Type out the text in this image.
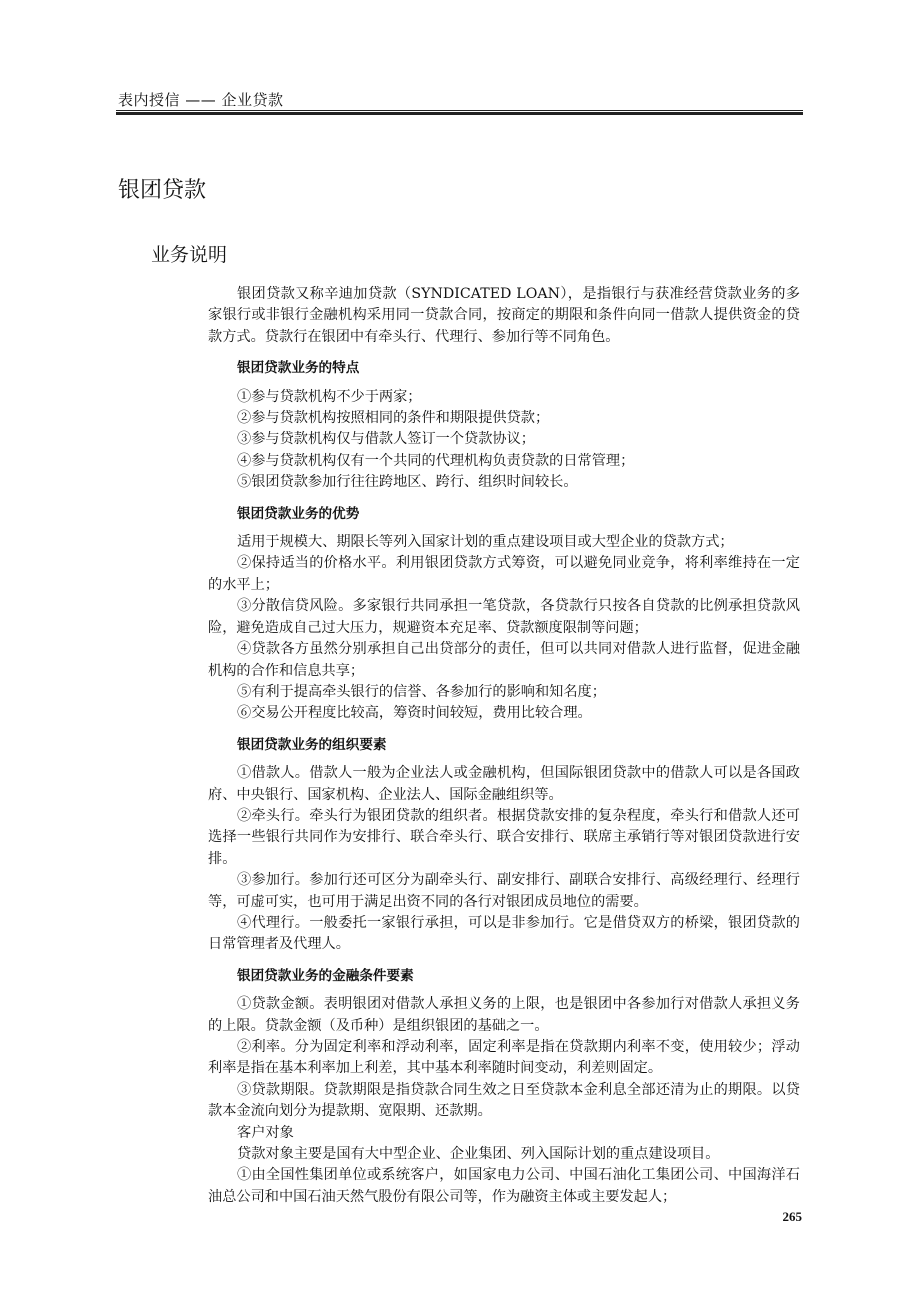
表内授信 —— 企业贷款
银团贷款
业务说明

银团贷款又称辛迪加贷款（SYNDICATED LOAN），是指银行与获准经营贷款业务的多家银行或非银行金融机构采用同一贷款合同，按商定的期限和条件向同一借款人提供资金的贷款方式。贷款行在银团中有牵头行、代理行、参加行等不同角色。

银团贷款业务的特点

①参与贷款机构不少于两家；

②参与贷款机构按照相同的条件和期限提供贷款；

③参与贷款机构仅与借款人签订一个贷款协议；

④参与贷款机构仅有一个共同的代理机构负责贷款的日常管理；

⑤银团贷款参加行往往跨地区、跨行、组织时间较长。

银团贷款业务的优势

适用于规模大、期限长等列入国家计划的重点建设项目或大型企业的贷款方式；

②保持适当的价格水平。利用银团贷款方式筹资，可以避免同业竞争，将利率维持在一定的水平上；

③分散信贷风险。多家银行共同承担一笔贷款，各贷款行只按各自贷款的比例承担贷款风险，避免造成自己过大压力，规避资本充足率、贷款额度限制等问题；

④贷款各方虽然分别承担自己出贷部分的责任，但可以共同对借款人进行监督，促进金融机构的合作和信息共享；

⑤有利于提高牵头银行的信誉、各参加行的影响和知名度；

⑥交易公开程度比较高，筹资时间较短，费用比较合理。

银团贷款业务的组织要素

①借款人。借款人一般为企业法人或金融机构，但国际银团贷款中的借款人可以是各国政府、中央银行、国家机构、企业法人、国际金融组织等。

②牵头行。牵头行为银团贷款的组织者。根据贷款安排的复杂程度，牵头行和借款人还可选择一些银行共同作为安排行、联合牵头行、联合安排行、联席主承销行等对银团贷款进行安排。

③参加行。参加行还可区分为副牵头行、副安排行、副联合安排行、高级经理行、经理行等，可虚可实，也可用于满足出资不同的各行对银团成员地位的需要。

④代理行。一般委托一家银行承担，可以是非参加行。它是借贷双方的桥梁，银团贷款的日常管理者及代理人。

银团贷款业务的金融条件要素

①贷款金额。表明银团对借款人承担义务的上限，也是银团中各参加行对借款人承担义务的上限。贷款金额（及币种）是组织银团的基础之一。

②利率。分为固定利率和浮动利率，固定利率是指在贷款期内利率不变，使用较少；浮动利率是指在基本利率加上利差，其中基本利率随时间变动，利差则固定。

③贷款期限。贷款期限是指贷款合同生效之日至贷款本金利息全部还清为止的期限。以贷款本金流向划分为提款期、宽限期、还款期。

客户对象

贷款对象主要是国有大中型企业、企业集团、列入国际计划的重点建设项目。

①由全国性集团单位或系统客户，如国家电力公司、中国石油化工集团公司、中国海洋石油总公司和中国石油天然气股份有限公司等，作为融资主体或主要发起人；

265
